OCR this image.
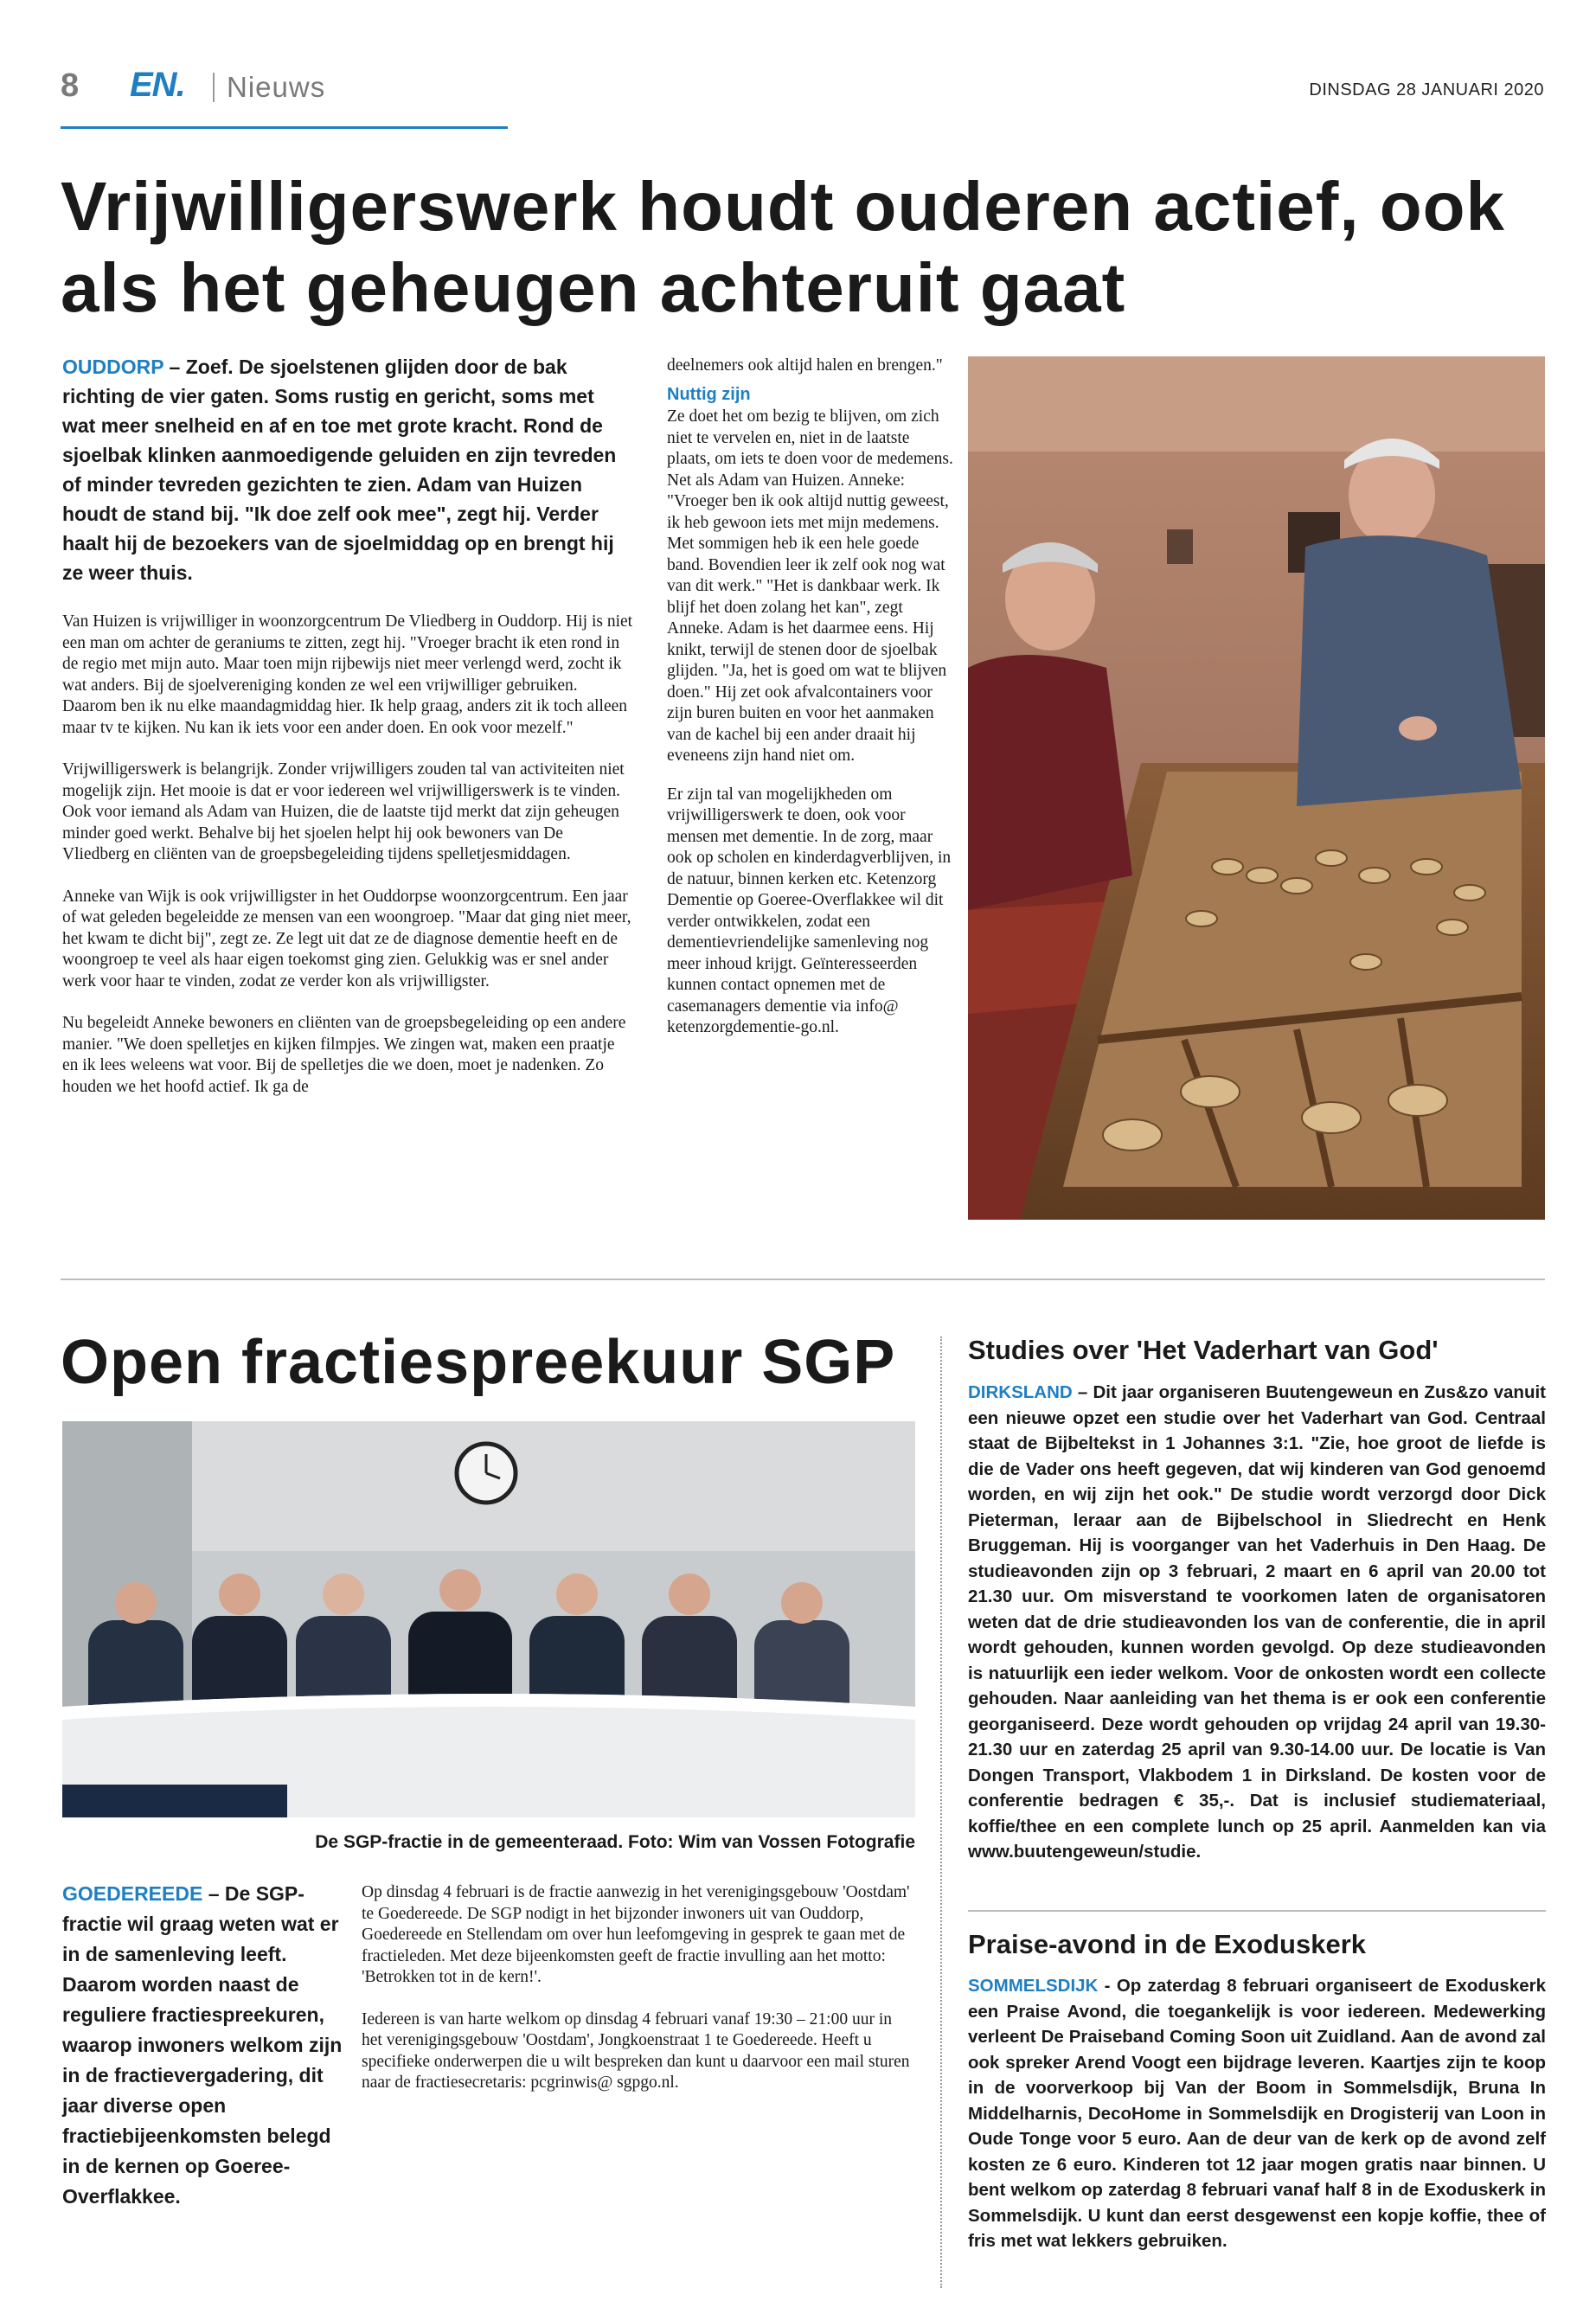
8 EN. Nieuws	DINSDAG 28 JANUARI 2020
Vrijwilligerswerk houdt ouderen actief, ook als het geheugen achteruit gaat
OUDDORP – Zoef. De sjoelstenen glijden door de bak richting de vier gaten. Soms rustig en gericht, soms met wat meer snelheid en af en toe met grote kracht. Rond de sjoelbak klinken aanmoedigende geluiden en zijn tevreden of minder tevreden gezichten te zien. Adam van Huizen houdt de stand bij. "Ik doe zelf ook mee", zegt hij. Verder haalt hij de bezoekers van de sjoelmiddag op en brengt hij ze weer thuis.

Van Huizen is vrijwilliger in woonzorgcentrum De Vliedberg in Ouddorp. Hij is niet een man om achter de geraniums te zitten, zegt hij. "Vroeger bracht ik eten rond in de regio met mijn auto. Maar toen mijn rijbewijs niet meer verlengd werd, zocht ik wat anders. Bij de sjoelvereniging konden ze wel een vrijwilliger gebruiken. Daarom ben ik nu elke maandagmiddag hier. Ik help graag, anders zit ik toch alleen maar tv te kijken. Nu kan ik iets voor een ander doen. En ook voor mezelf."

Vrijwilligerswerk is belangrijk. Zonder vrijwilligers zouden tal van activiteiten niet mogelijk zijn. Het mooie is dat er voor iedereen wel vrijwilligerswerk is te vinden. Ook voor iemand als Adam van Huizen, die de laatste tijd merkt dat zijn geheugen minder goed werkt. Behalve bij het sjoelen helpt hij ook bewoners van De Vliedberg en cliënten van de groepsbegeleiding tijdens spelletjesmiddagen.

Anneke van Wijk is ook vrijwilligster in het Ouddorpse woonzorgcentrum. Een jaar of wat geleden begeleidde ze mensen van een woongroep. "Maar dat ging niet meer, het kwam te dicht bij", zegt ze. Ze legt uit dat ze de diagnose dementie heeft en de woongroep te veel als haar eigen toekomst ging zien. Gelukkig was er snel ander werk voor haar te vinden, zodat ze verder kon als vrijwilligster.

Nu begeleidt Anneke bewoners en cliënten van de groepsbegeleiding op een andere manier. "We doen spelletjes en kijken filmpjes. We zingen wat, maken een praatje en ik lees weleens wat voor. Bij de spelletjes die we doen, moet je nadenken. Zo houden we het hoofd actief. Ik ga de

deelnemers ook altijd halen en brengen."

Nuttig zijn

Ze doet het om bezig te blijven, om zich niet te vervelen en, niet in de laatste plaats, om iets te doen voor de medemens. Net als Adam van Huizen. Anneke: "Vroeger ben ik ook altijd nuttig geweest, ik heb gewoon iets met mijn medemens. Met sommigen heb ik een hele goede band. Bovendien leer ik zelf ook nog wat van dit werk." "Het is dankbaar werk. Ik blijf het doen zolang het kan", zegt Anneke. Adam is het daarmee eens. Hij knikt, terwijl de stenen door de sjoelbak glijden. "Ja, het is goed om wat te blijven doen." Hij zet ook afvalcontainers voor zijn buren buiten en voor het aanmaken van de kachel bij een ander draait hij eveneens zijn hand niet om.

Er zijn tal van mogelijkheden om vrijwilligerswerk te doen, ook voor mensen met dementie. In de zorg, maar ook op scholen en kinderdagverblijven, in de natuur, binnen kerken etc. Ketenzorg Dementie op Goeree-Overflakkee wil dit verder ontwikkelen, zodat een dementievriendelijke samenleving nog meer inhoud krijgt. Geïnteresseerden kunnen contact opnemen met de casemanagers dementie via info@ ketenzorgdementie-go.nl.

Open fractiespreekuur SGP
De SGP-fractie in de gemeenteraad. Foto: Wim van Vossen Fotografie
GOEDEREEDE – De SGP-fractie wil graag weten wat er in de samenleving leeft. Daarom worden naast de reguliere fractiespreekuren, waarop inwoners welkom zijn in de fractievergadering, dit jaar diverse open fractiebijeenkomsten belegd in de kernen op Goeree-Overflakkee.

Op dinsdag 4 februari is de fractie aanwezig in het verenigingsgebouw 'Oostdam' te Goedereede. De SGP nodigt in het bijzonder inwoners uit van Ouddorp, Goedereede en Stellendam om over hun leefomgeving in gesprek te gaan met de fractieleden. Met deze bijeenkomsten geeft de fractie invulling aan het motto: 'Betrokken tot in de kern!'.

Iedereen is van harte welkom op dinsdag 4 februari vanaf 19:30 – 21:00 uur in het verenigingsgebouw 'Oostdam', Jongkoenstraat 1 te Goedereede. Heeft u specifieke onderwerpen die u wilt bespreken dan kunt u daarvoor een mail sturen naar de fractiesecretaris: pcgrinwis@ sgpgo.nl.

Studies over 'Het Vaderhart van God'
DIRKSLAND – Dit jaar organiseren Buutengeweun en Zus&zo vanuit een nieuwe opzet een studie over het Vaderhart van God. Centraal staat de Bijbeltekst in 1 Johannes 3:1. "Zie, hoe groot de liefde is die de Vader ons heeft gegeven, dat wij kinderen van God genoemd worden, en wij zijn het ook." De studie wordt verzorgd door Dick Pieterman, leraar aan de Bijbelschool in Sliedrecht en Henk Bruggeman. Hij is voorganger van het Vaderhuis in Den Haag. De studieavonden zijn op 3 februari, 2 maart en 6 april van 20.00 tot 21.30 uur. Om misverstand te voorkomen laten de organisatoren weten dat de drie studieavonden los van de conferentie, die in april wordt gehouden, kunnen worden gevolgd. Op deze studieavonden is natuurlijk een ieder welkom. Voor de onkosten wordt een collecte gehouden. Naar aanleiding van het thema is er ook een conferentie georganiseerd. Deze wordt gehouden op vrijdag 24 april van 19.30-21.30 uur en zaterdag 25 april van 9.30-14.00 uur. De locatie is Van Dongen Transport, Vlakbodem 1 in Dirksland. De kosten voor de conferentie bedragen € 35,-. Dat is inclusief studiemateriaal, koffie/thee en een complete lunch op 25 april. Aanmelden kan via www.buutengeweun/studie.
Praise-avond in de Exoduskerk
SOMMELSDIJK - Op zaterdag 8 februari organiseert de Exoduskerk een Praise Avond, die toegankelijk is voor iedereen. Medewerking verleent De Praiseband Coming Soon uit Zuidland. Aan de avond zal ook spreker Arend Voogt een bijdrage leveren. Kaartjes zijn te koop in de voorverkoop bij Van der Boom in Sommelsdijk, Bruna In Middelharnis, DecoHome in Sommelsdijk en Drogisterij van Loon in Oude Tonge voor 5 euro. Aan de deur van de kerk op de avond zelf kosten ze 6 euro. Kinderen tot 12 jaar mogen gratis naar binnen. U bent welkom op zaterdag 8 februari vanaf half 8 in de Exoduskerk in Sommelsdijk. U kunt dan eerst desgewenst een kopje koffie, thee of fris met wat lekkers gebruiken.
